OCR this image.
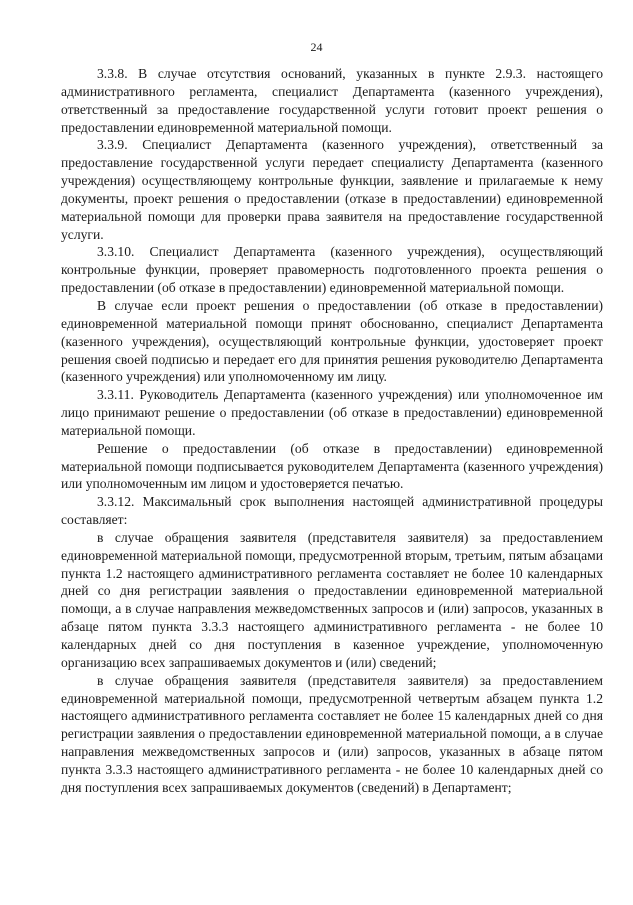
24

3.3.8. В случае отсутствия оснований, указанных в пункте 2.9.3. настоящего административного регламента, специалист Департамента (казенного учреждения), ответственный за предоставление государственной услуги готовит проект решения о предоставлении единовременной материальной помощи.

3.3.9. Специалист Департамента (казенного учреждения), ответственный за предоставление государственной услуги передает специалисту Департамента (казенного учреждения) осуществляющему контрольные функции, заявление и прилагаемые к нему документы, проект решения о предоставлении (отказе в предоставлении) единовременной материальной помощи для проверки права заявителя на предоставление государственной услуги.

3.3.10. Специалист Департамента (казенного учреждения), осуществляющий контрольные функции, проверяет правомерность подготовленного проекта решения о предоставлении (об отказе в предоставлении) единовременной материальной помощи.

В случае если проект решения о предоставлении (об отказе в предоставлении) единовременной материальной помощи принят обоснованно, специалист Департамента (казенного учреждения), осуществляющий контрольные функции, удостоверяет проект решения своей подписью и передает его для принятия решения руководителю Департамента (казенного учреждения) или уполномоченному им лицу.

3.3.11. Руководитель Департамента (казенного учреждения) или уполномоченное им лицо принимают решение о предоставлении (об отказе в предоставлении) единовременной материальной помощи.

Решение о предоставлении (об отказе в предоставлении) единовременной материальной помощи подписывается руководителем Департамента (казенного учреждения) или уполномоченным им лицом и удостоверяется печатью.

3.3.12. Максимальный срок выполнения настоящей административной процедуры составляет:

в случае обращения заявителя (представителя заявителя) за предоставлением единовременной материальной помощи, предусмотренной вторым, третьим, пятым абзацами пункта 1.2 настоящего административного регламента составляет не более 10 календарных дней со дня регистрации заявления о предоставлении единовременной материальной помощи, а в случае направления межведомственных запросов и (или) запросов, указанных в абзаце пятом пункта 3.3.3 настоящего административного регламента - не более 10 календарных дней со дня поступления в казенное учреждение, уполномоченную организацию всех запрашиваемых документов и (или) сведений;

в случае обращения заявителя (представителя заявителя) за предоставлением единовременной материальной помощи, предусмотренной четвертым абзацем пункта 1.2 настоящего административного регламента составляет не более 15 календарных дней со дня регистрации заявления о предоставлении единовременной материальной помощи, а в случае направления межведомственных запросов и (или) запросов, указанных в абзаце пятом пункта 3.3.3 настоящего административного регламента - не более 10 календарных дней со дня поступления всех запрашиваемых документов (сведений) в Департамент;
